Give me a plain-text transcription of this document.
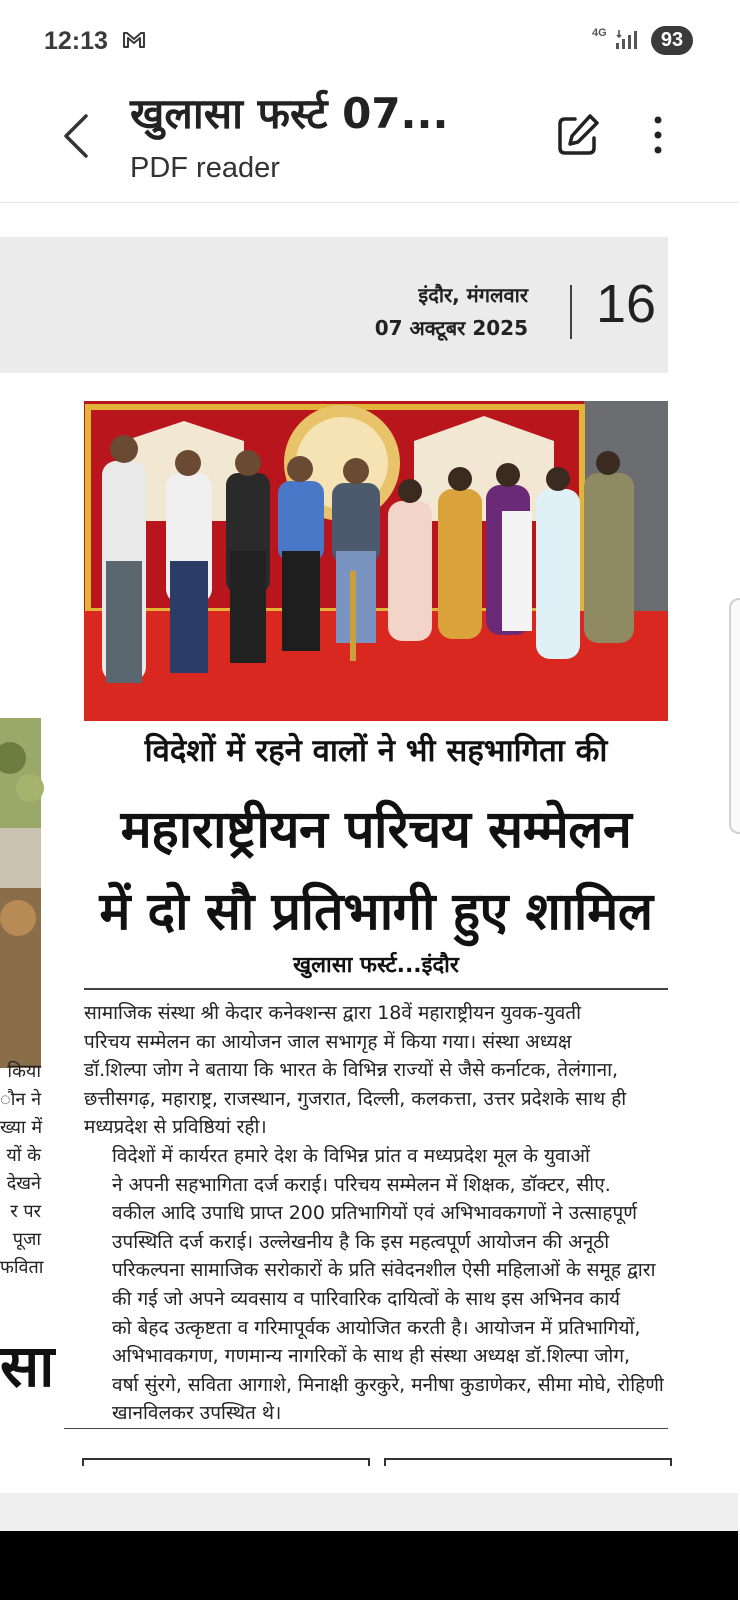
12:13	4G	93
खुलासा फर्स्ट 07...
PDF reader
इंदौर, मंगलवार
07 अक्टूबर 2025 16
विदेशों में रहने वालों ने भी सहभागिता की
महाराष्ट्रीयन परिचय सम्मेलन
में दो सौ प्रतिभागी हुए शामिल
खुलासा फर्स्ट...इंदौर

सामाजिक संस्था श्री केदार कनेक्शन्स द्वारा 18वें महाराष्ट्रीयन युवक-युवती
परिचय सम्मेलन का आयोजन जाल सभागृह में किया गया। संस्था अध्यक्ष
डॉ.शिल्पा जोग ने बताया कि भारत के विभिन्न राज्यों से जैसे कर्नाटक, तेलंगाना,
छत्तीसगढ़, महाराष्ट्र, राजस्थान, गुजरात, दिल्ली, कलकत्ता, उत्तर प्रदेशके साथ ही
मध्यप्रदेश से प्रविष्ठियां रही।

विदेशों में कार्यरत हमारे देश के विभिन्न प्रांत व मध्यप्रदेश मूल के युवाओं
ने अपनी सहभागिता दर्ज कराई। परिचय सम्मेलन में शिक्षक, डॉक्टर, सीए.
वकील आदि उपाधि प्राप्त 200 प्रतिभागियों एवं अभिभावकगणों ने उत्साहपूर्ण
उपस्थिति दर्ज कराई। उल्लेखनीय है कि इस महत्वपूर्ण आयोजन की अनूठी
परिकल्पना सामाजिक सरोकारों के प्रति संवेदनशील ऐसी महिलाओं के समूह द्वारा
की गई जो अपने व्यवसाय व पारिवारिक दायित्वों के साथ इस अभिनव कार्य
को बेहद उत्कृष्टता व गरिमापूर्वक आयोजित करती है। आयोजन में प्रतिभागियों,
अभिभावकगण, गणमान्य नागरिकों के साथ ही संस्था अध्यक्ष डॉ.शिल्पा जोग,
वर्षा सुंरगे, सविता आगाशे, मिनाक्षी कुरकुरे, मनीषा कुडाणेकर, सीमा मोघे, रोहिणी
खानविलकर उपस्थित थे।

किया
ौन ने
ख्या में
यों के
देखने
र पर
पूजा
फविता
स
